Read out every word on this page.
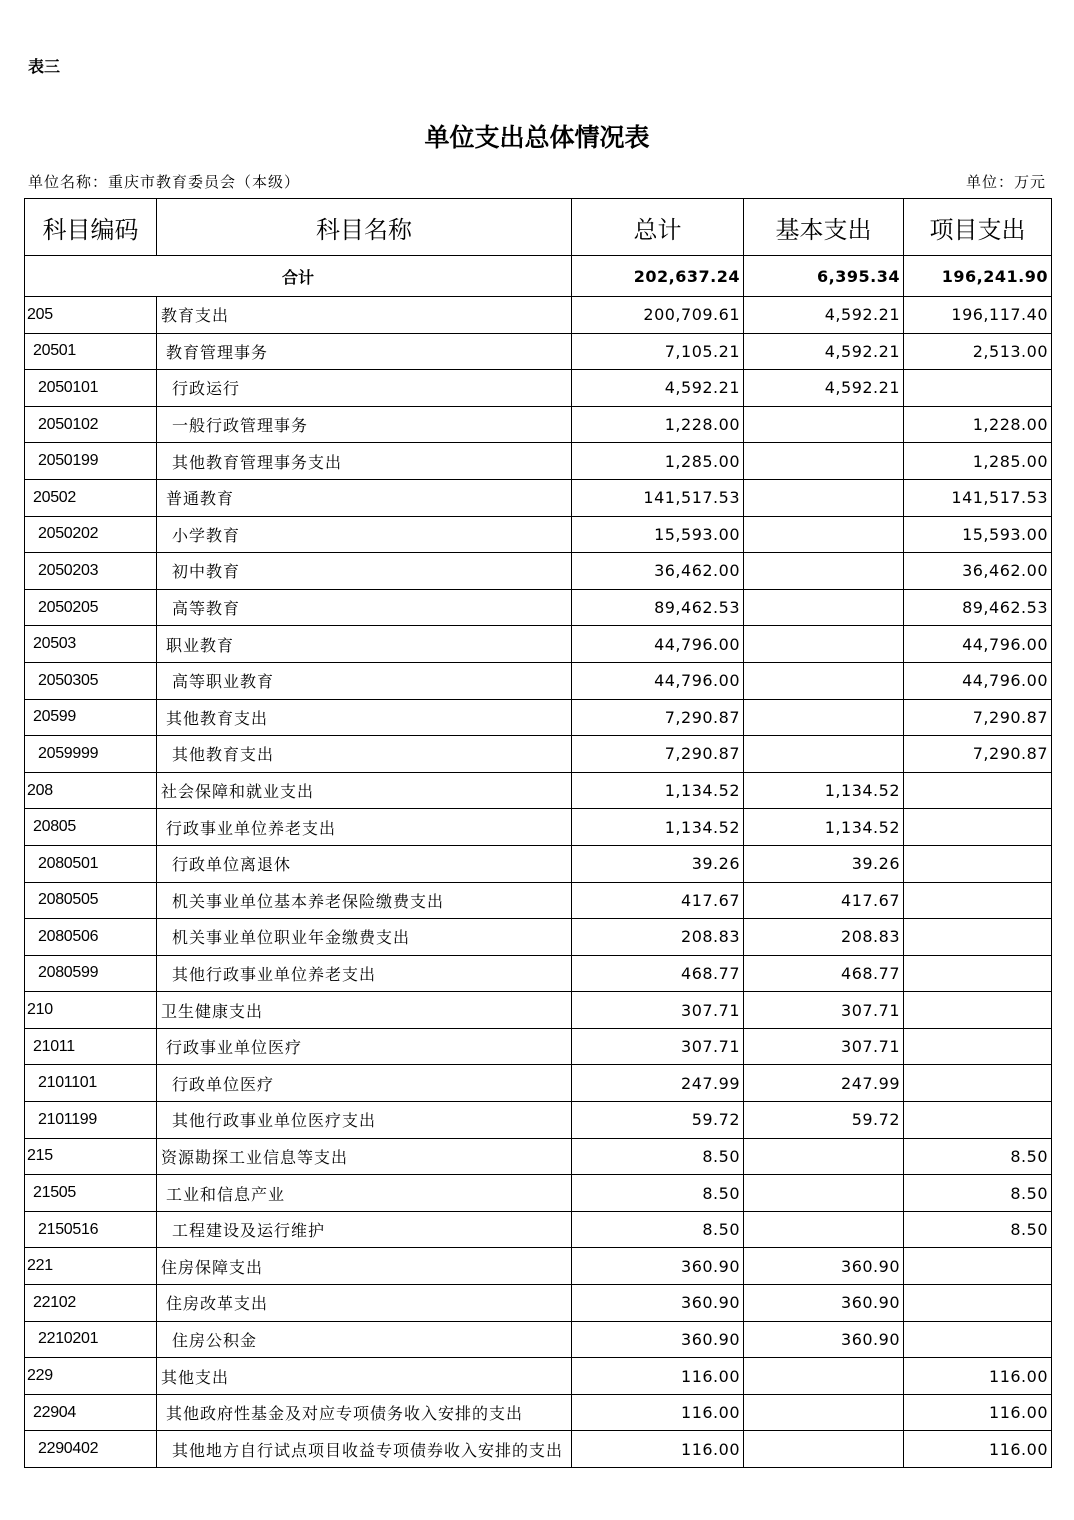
表三
单位支出总体情况表
单位名称：重庆市教育委员会（本级）	单位：万元
科目编码	科目名称	总计	基本支出	项目支出
合计		202,637.24	6,395.34	196,241.90
205	教育支出	200,709.61	4,592.21	196,117.40
20501	教育管理事务	7,105.21	4,592.21	2,513.00
2050101	行政运行	4,592.21	4,592.21	
2050102	一般行政管理事务	1,228.00		1,228.00
2050199	其他教育管理事务支出	1,285.00		1,285.00
20502	普通教育	141,517.53		141,517.53
2050202	小学教育	15,593.00		15,593.00
2050203	初中教育	36,462.00		36,462.00
2050205	高等教育	89,462.53		89,462.53
20503	职业教育	44,796.00		44,796.00
2050305	高等职业教育	44,796.00		44,796.00
20599	其他教育支出	7,290.87		7,290.87
2059999	其他教育支出	7,290.87		7,290.87
208	社会保障和就业支出	1,134.52	1,134.52	
20805	行政事业单位养老支出	1,134.52	1,134.52	
2080501	行政单位离退休	39.26	39.26	
2080505	机关事业单位基本养老保险缴费支出	417.67	417.67	
2080506	机关事业单位职业年金缴费支出	208.83	208.83	
2080599	其他行政事业单位养老支出	468.77	468.77	
210	卫生健康支出	307.71	307.71	
21011	行政事业单位医疗	307.71	307.71	
2101101	行政单位医疗	247.99	247.99	
2101199	其他行政事业单位医疗支出	59.72	59.72	
215	资源勘探工业信息等支出	8.50		8.50
21505	工业和信息产业	8.50		8.50
2150516	工程建设及运行维护	8.50		8.50
221	住房保障支出	360.90	360.90	
22102	住房改革支出	360.90	360.90	
2210201	住房公积金	360.90	360.90	
229	其他支出	116.00		116.00
22904	其他政府性基金及对应专项债务收入安排的支出	116.00		116.00
2290402	其他地方自行试点项目收益专项债券收入安排的支出	116.00		116.00
